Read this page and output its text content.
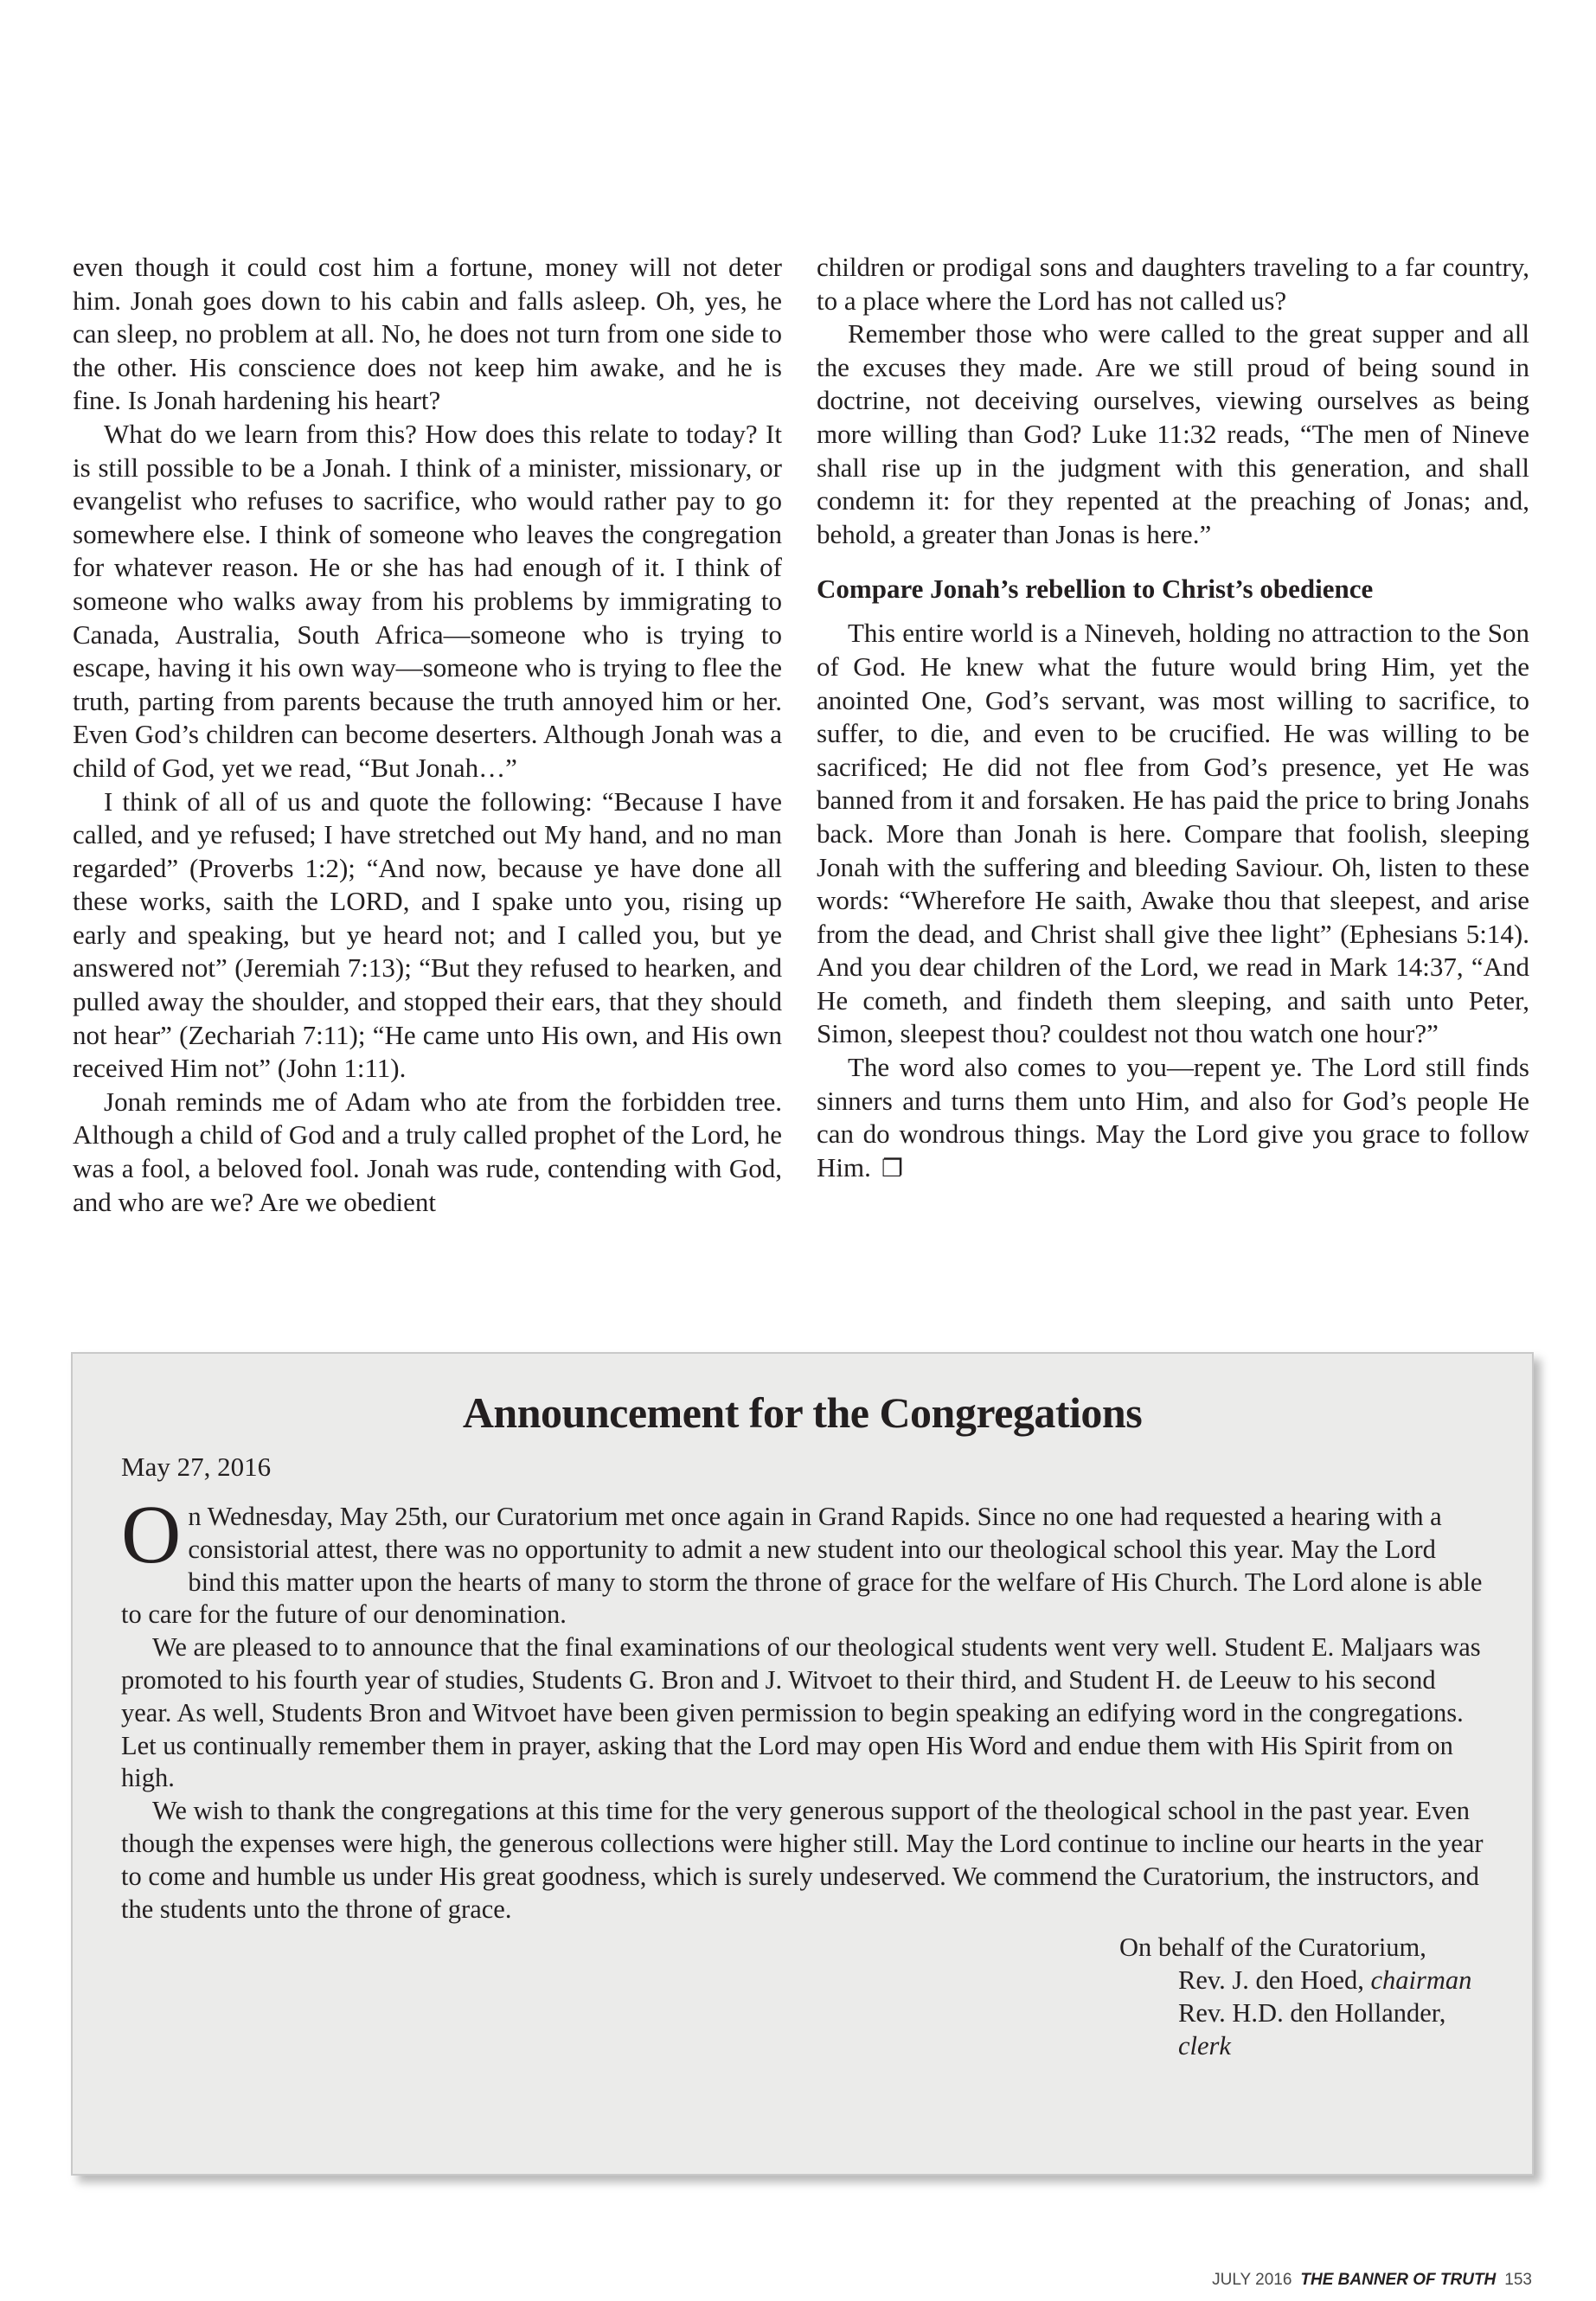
even though it could cost him a fortune, money will not deter him. Jonah goes down to his cabin and falls asleep. Oh, yes, he can sleep, no problem at all. No, he does not turn from one side to the other. His conscience does not keep him awake, and he is fine. Is Jonah hardening his heart?

What do we learn from this? How does this relate to today? It is still possible to be a Jonah. I think of a minister, missionary, or evangelist who refuses to sacrifice, who would rather pay to go somewhere else. I think of someone who leaves the congregation for whatever reason. He or she has had enough of it. I think of someone who walks away from his problems by immigrating to Canada, Australia, South Africa—someone who is trying to escape, having it his own way—someone who is trying to flee the truth, parting from parents because the truth annoyed him or her. Even God’s children can become deserters. Although Jonah was a child of God, yet we read, “But Jonah…”

I think of all of us and quote the following: “Because I have called, and ye refused; I have stretched out My hand, and no man regarded” (Proverbs 1:2); “And now, because ye have done all these works, saith the LORD, and I spake unto you, rising up early and speaking, but ye heard not; and I called you, but ye answered not” (Jeremiah 7:13); “But they refused to hearken, and pulled away the shoulder, and stopped their ears, that they should not hear” (Zechariah 7:11); “He came unto His own, and His own received Him not” (John 1:11).

Jonah reminds me of Adam who ate from the forbidden tree. Although a child of God and a truly called prophet of the Lord, he was a fool, a beloved fool. Jonah was rude, contending with God, and who are we? Are we obedient

children or prodigal sons and daughters traveling to a far country, to a place where the Lord has not called us?

Remember those who were called to the great supper and all the excuses they made. Are we still proud of being sound in doctrine, not deceiving ourselves, viewing ourselves as being more willing than God? Luke 11:32 reads, “The men of Nineve shall rise up in the judgment with this generation, and shall condemn it: for they repented at the preaching of Jonas; and, behold, a greater than Jonas is here.”

Compare Jonah’s rebellion to Christ’s obedience

This entire world is a Nineveh, holding no attraction to the Son of God. He knew what the future would bring Him, yet the anointed One, God’s servant, was most willing to sacrifice, to suffer, to die, and even to be crucified. He was willing to be sacrificed; He did not flee from God’s presence, yet He was banned from it and forsaken. He has paid the price to bring Jonahs back. More than Jonah is here. Compare that foolish, sleeping Jonah with the suffering and bleeding Saviour. Oh, listen to these words: “Wherefore He saith, Awake thou that sleepest, and arise from the dead, and Christ shall give thee light” (Ephesians 5:14). And you dear children of the Lord, we read in Mark 14:37, “And He cometh, and findeth them sleeping, and saith unto Peter, Simon, sleepest thou? couldest not thou watch one hour?”

The word also comes to you—repent ye. The Lord still finds sinners and turns them unto Him, and also for God’s people He can do wondrous things. May the Lord give you grace to follow Him. ❐

Announcement for the Congregations
May 27, 2016

On Wednesday, May 25th, our Curatorium met once again in Grand Rapids. Since no one had requested a hearing with a consistorial attest, there was no opportunity to admit a new student into our theological school this year. May the Lord bind this matter upon the hearts of many to storm the throne of grace for the welfare of His Church. The Lord alone is able to care for the future of our denomination.

We are pleased to to announce that the final examinations of our theological students went very well. Student E. Maljaars was promoted to his fourth year of studies, Students G. Bron and J. Witvoet to their third, and Student H. de Leeuw to his second year. As well, Students Bron and Witvoet have been given permission to begin speaking an edifying word in the congregations. Let us continually remember them in prayer, asking that the Lord may open His Word and endue them with His Spirit from on high.

We wish to thank the congregations at this time for the very generous support of the theological school in the past year. Even though the expenses were high, the generous collections were higher still. May the Lord continue to incline our hearts in the year to come and humble us under His great goodness, which is surely undeserved. We commend the Curatorium, the instructors, and the students unto the throne of grace.

On behalf of the Curatorium,
Rev. J. den Hoed, chairman
Rev. H.D. den Hollander, clerk
JULY 2016 THE BANNER OF TRUTH 153
